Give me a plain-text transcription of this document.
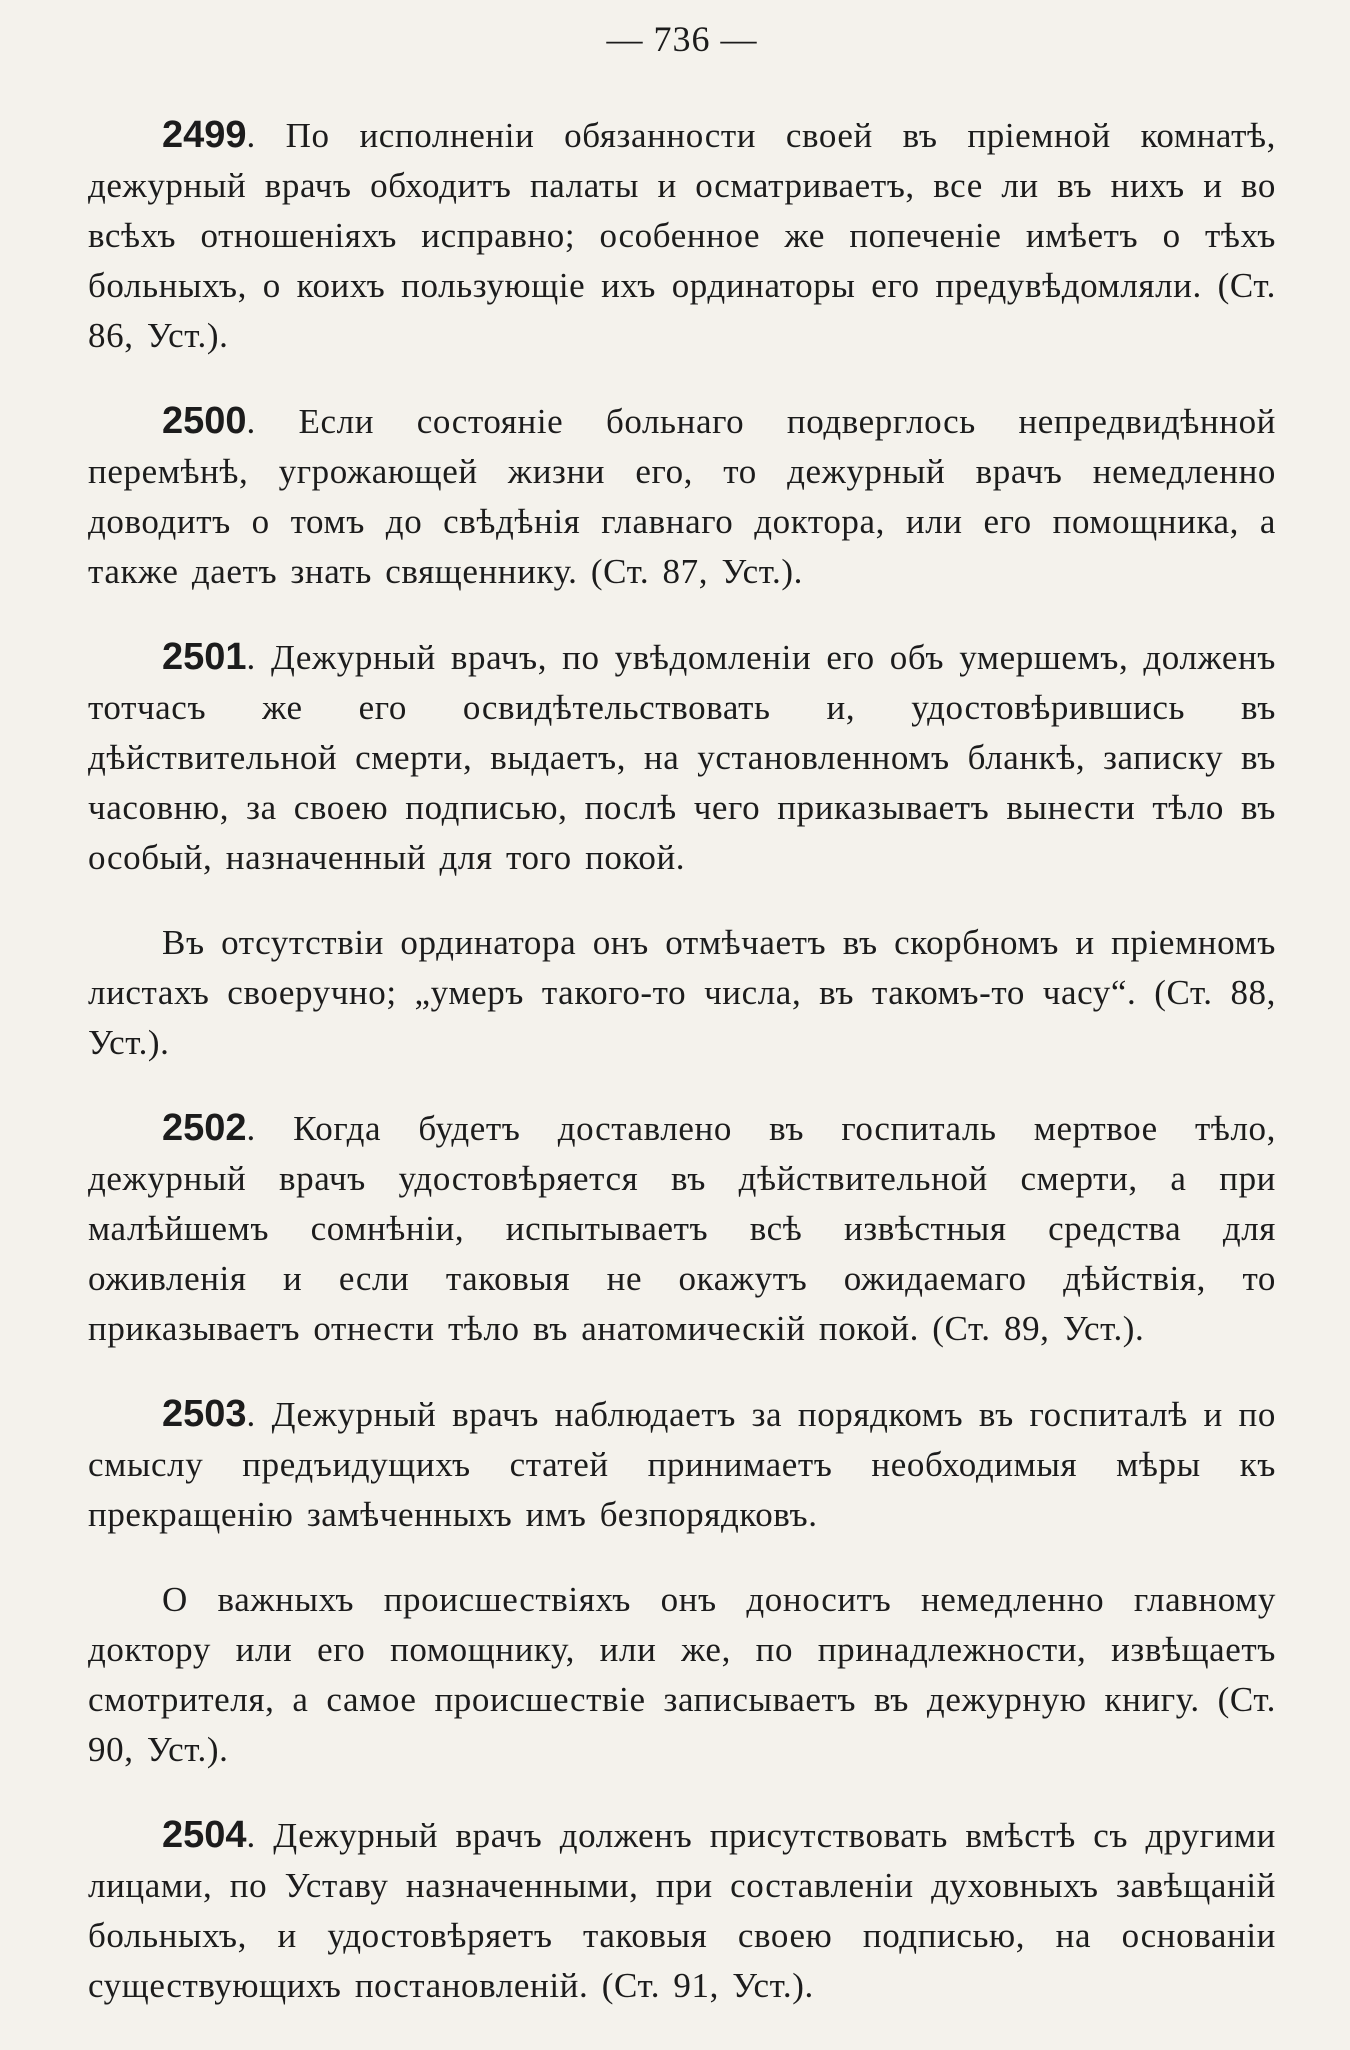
— 736 —

2499. По исполненіи обязанности своей въ пріемной комнатѣ, дежурный врачъ обходитъ палаты и осматриваетъ, все ли въ нихъ и во всѣхъ отношеніяхъ исправно; особенное же попеченіе имѣетъ о тѣхъ больныхъ, о коихъ пользующіе ихъ ординаторы его предувѣдомляли. (Ст. 86, Уст.).

2500. Если состояніе больнаго подверглось непредвидѣнной перемѣнѣ, угрожающей жизни его, то дежурный врачъ немедленно доводитъ о томъ до свѣдѣнія главнаго доктора, или его помощника, а также даетъ знать священнику. (Ст. 87, Уст.).

2501. Дежурный врачъ, по увѣдомленіи его объ умершемъ, долженъ тотчасъ же его освидѣтельствовать и, удостовѣрившись въ дѣйствительной смерти, выдаетъ, на установленномъ бланкѣ, записку въ часовню, за своею подписью, послѣ чего приказываетъ вынести тѣло въ особый, назначенный для того покой.

Въ отсутствіи ординатора онъ отмѣчаетъ въ скорбномъ и пріемномъ листахъ своеручно; „умеръ такого-то числа, въ такомъ-то часу“. (Ст. 88, Уст.).

2502. Когда будетъ доставлено въ госпиталь мертвое тѣло, дежурный врачъ удостовѣряется въ дѣйствительной смерти, а при малѣйшемъ сомнѣніи, испытываетъ всѣ извѣстныя средства для оживленія и если таковыя не окажутъ ожидаемаго дѣйствія, то приказываетъ отнести тѣло въ анатомическій покой. (Ст. 89, Уст.).

2503. Дежурный врачъ наблюдаетъ за порядкомъ въ госпиталѣ и по смыслу предъидущихъ статей принимаетъ необходимыя мѣры къ прекращенію замѣченныхъ имъ безпорядковъ.

О важныхъ происшествіяхъ онъ доноситъ немедленно главному доктору или его помощнику, или же, по принадлежности, извѣщаетъ смотрителя, а самое происшествіе записываетъ въ дежурную книгу. (Ст. 90, Уст.).

2504. Дежурный врачъ долженъ присутствовать вмѣстѣ съ другими лицами, по Уставу назначенными, при составленіи духовныхъ завѣщаній больныхъ, и удостовѣряетъ таковыя своею подписью, на основаніи существующихъ постановленій. (Ст. 91, Уст.).
